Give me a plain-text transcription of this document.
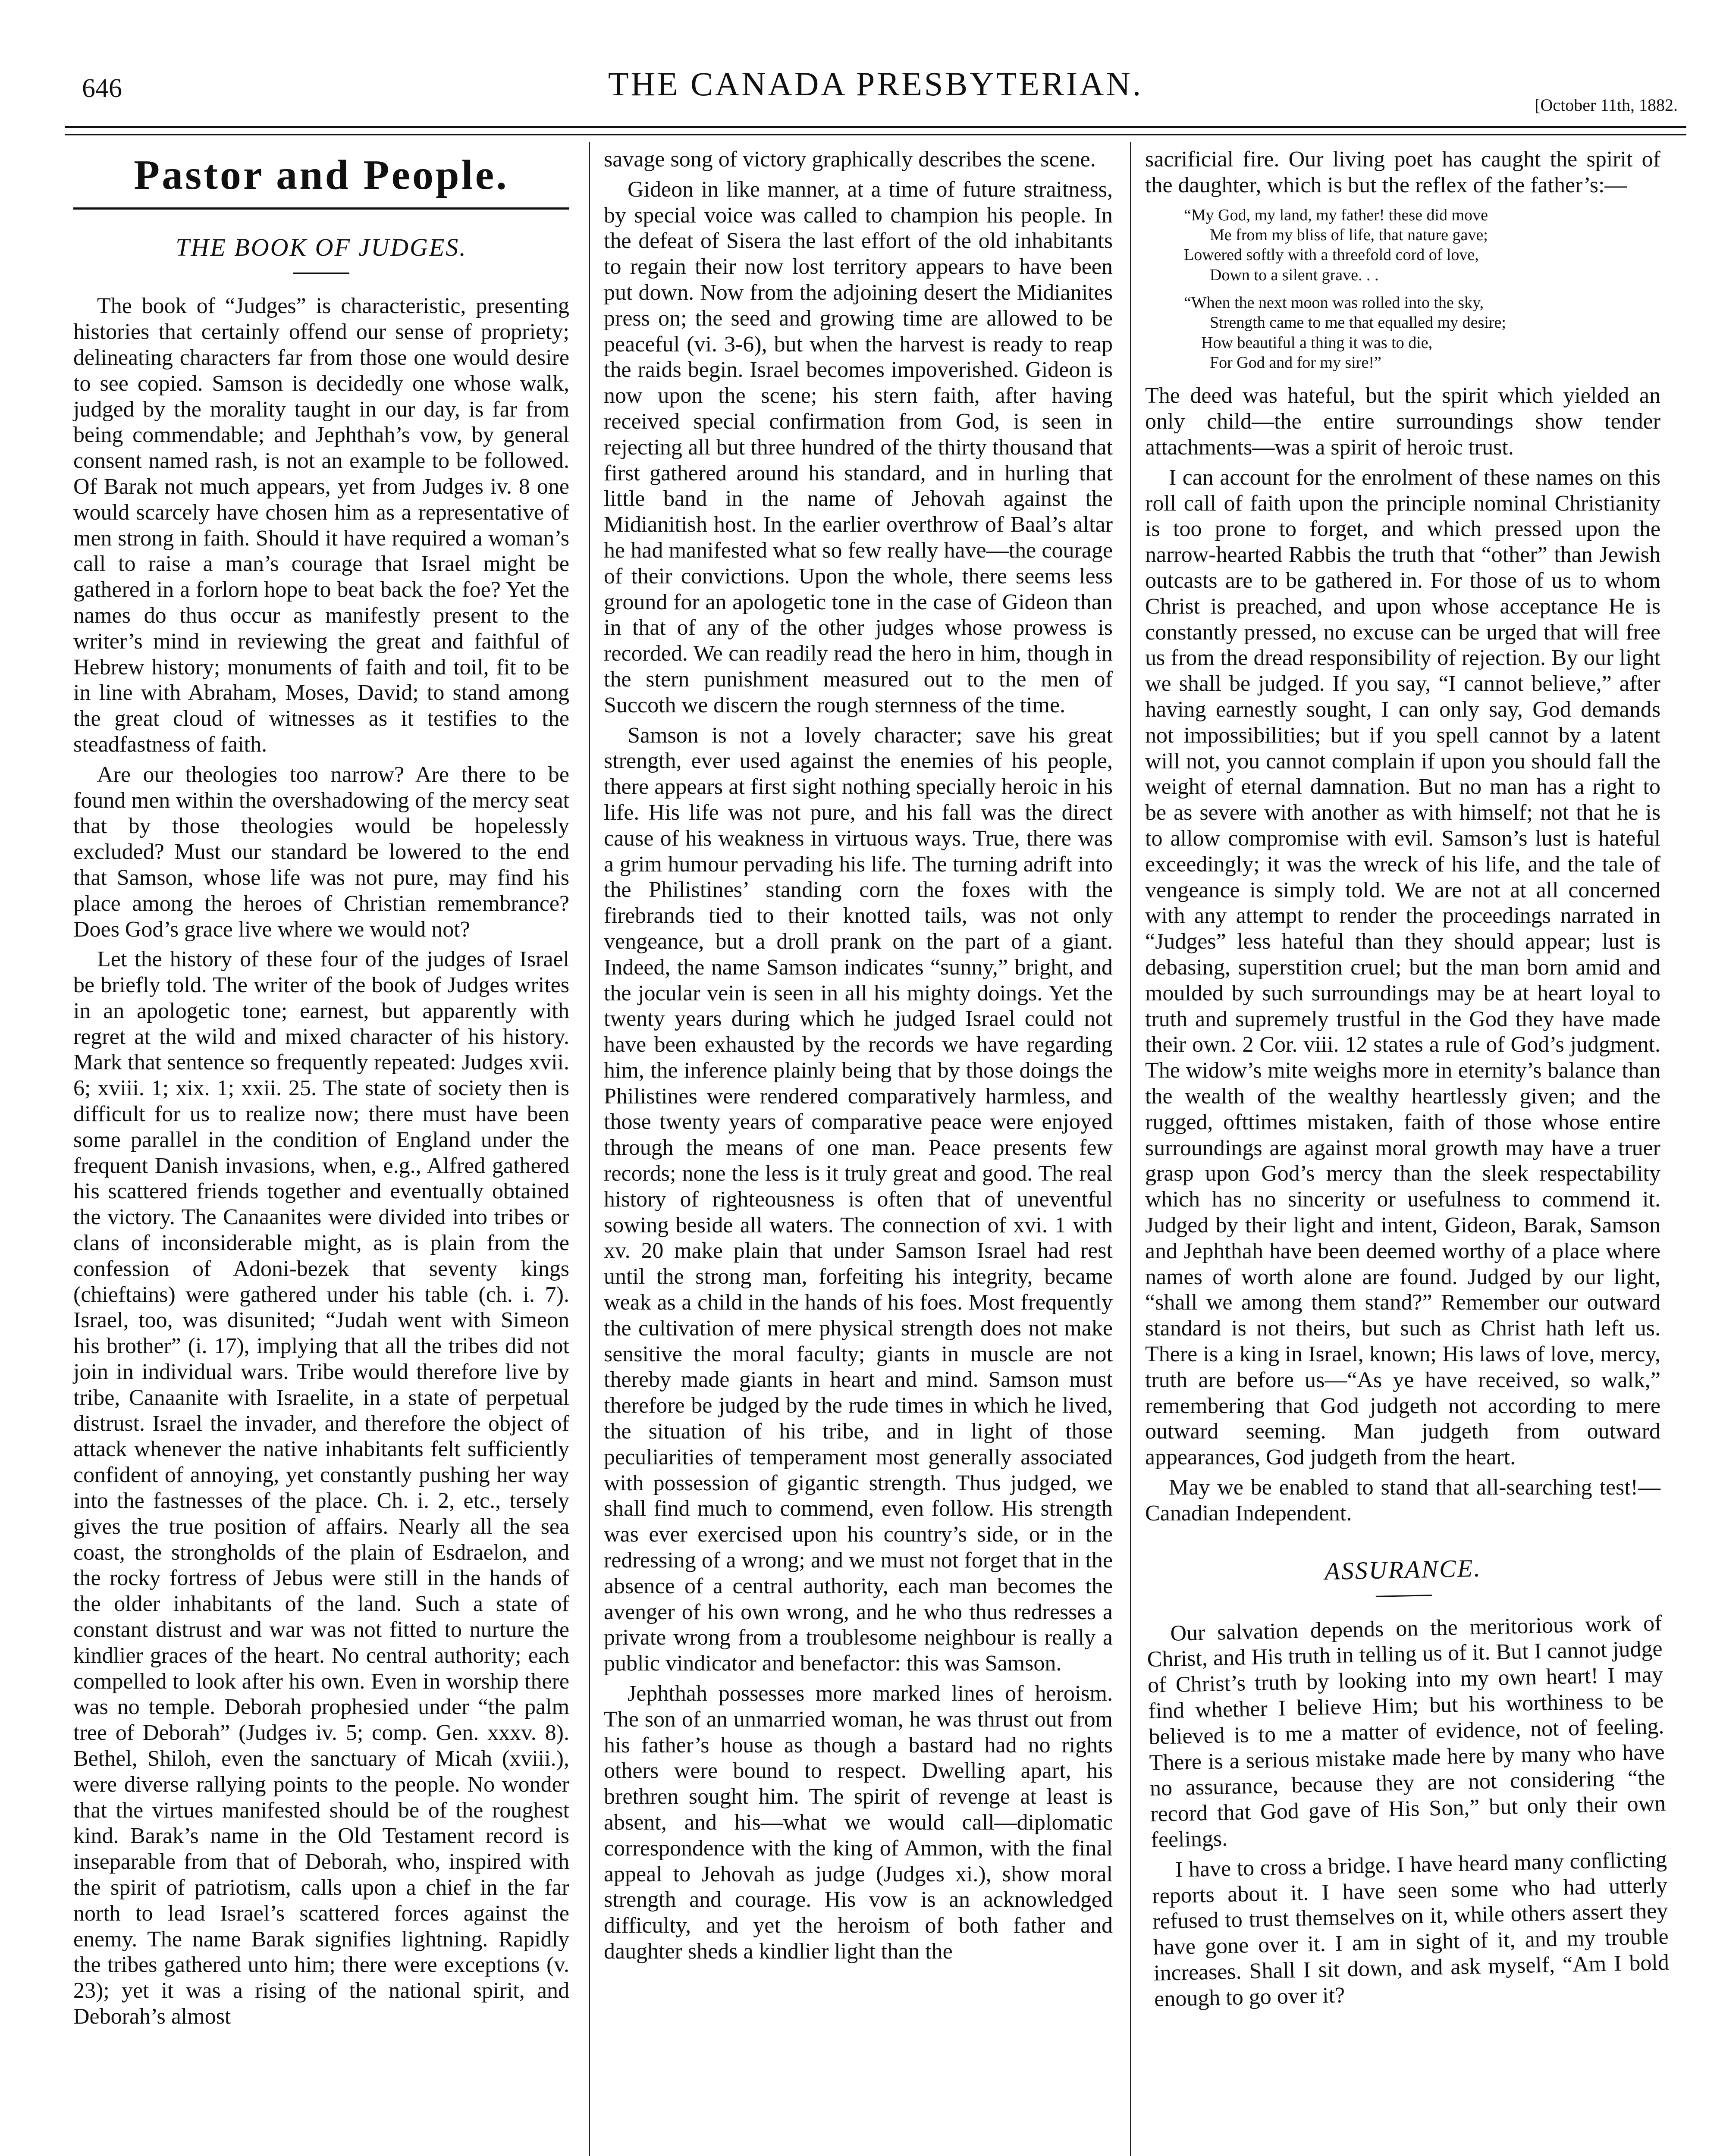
646	THE CANADA PRESBYTERIAN.
[October 11th, 1882.
Pastor and People.
THE BOOK OF JUDGES.

The book of “Judges” is characteristic, presenting histories that certainly offend our sense of propriety; delineating characters far from those one would desire to see copied. Samson is decidedly one whose walk, judged by the morality taught in our day, is far from being commendable; and Jephthah’s vow, by general consent named rash, is not an example to be followed. Of Barak not much appears, yet from Judges iv. 8 one would scarcely have chosen him as a representative of men strong in faith. Should it have required a woman’s call to raise a man’s courage that Israel might be gathered in a forlorn hope to beat back the foe? Yet the names do thus occur as manifestly present to the writer’s mind in reviewing the great and faithful of Hebrew history; monuments of faith and toil, fit to be in line with Abraham, Moses, David; to stand among the great cloud of witnesses as it testifies to the steadfastness of faith.

Are our theologies too narrow? Are there to be found men within the overshadowing of the mercy seat that by those theologies would be hopelessly excluded? Must our standard be lowered to the end that Samson, whose life was not pure, may find his place among the heroes of Christian remembrance? Does God’s grace live where we would not?

Let the history of these four of the judges of Israel be briefly told. The writer of the book of Judges writes in an apologetic tone; earnest, but apparently with regret at the wild and mixed character of his history. Mark that sentence so frequently repeated: Judges xvii. 6; xviii. 1; xix. 1; xxii. 25. The state of society then is difficult for us to realize now; there must have been some parallel in the condition of England under the frequent Danish invasions, when, e.g., Alfred gathered his scattered friends together and eventually obtained the victory. The Canaanites were divided into tribes or clans of inconsiderable might, as is plain from the confession of Adoni-bezek that seventy kings (chieftains) were gathered under his table (ch. i. 7). Israel, too, was disunited; “Judah went with Simeon his brother” (i. 17), implying that all the tribes did not join in individual wars. Tribe would therefore live by tribe, Canaanite with Israelite, in a state of perpetual distrust. Israel the invader, and therefore the object of attack whenever the native inhabitants felt sufficiently confident of annoying, yet constantly pushing her way into the fastnesses of the place. Ch. i. 2, etc., tersely gives the true position of affairs. Nearly all the sea coast, the strongholds of the plain of Esdraelon, and the rocky fortress of Jebus were still in the hands of the older inhabitants of the land. Such a state of constant distrust and war was not fitted to nurture the kindlier graces of the heart. No central authority; each compelled to look after his own. Even in worship there was no temple. Deborah prophesied under “the palm tree of Deborah” (Judges iv. 5; comp. Gen. xxxv. 8). Bethel, Shiloh, even the sanctuary of Micah (xviii.), were diverse rallying points to the people. No wonder that the virtues manifested should be of the roughest kind. Barak’s name in the Old Testament record is inseparable from that of Deborah, who, inspired with the spirit of patriotism, calls upon a chief in the far north to lead Israel’s scattered forces against the enemy. The name Barak signifies lightning. Rapidly the tribes gathered unto him; there were exceptions (v. 23); yet it was a rising of the national spirit, and Deborah’s almost

savage song of victory graphically describes the scene.

Gideon in like manner, at a time of future straitness, by special voice was called to champion his people. In the defeat of Sisera the last effort of the old inhabitants to regain their now lost territory appears to have been put down. Now from the adjoining desert the Midianites press on; the seed and growing time are allowed to be peaceful (vi. 3-6), but when the harvest is ready to reap the raids begin. Israel becomes impoverished. Gideon is now upon the scene; his stern faith, after having received special confirmation from God, is seen in rejecting all but three hundred of the thirty thousand that first gathered around his standard, and in hurling that little band in the name of Jehovah against the Midianitish host. In the earlier overthrow of Baal’s altar he had manifested what so few really have—the courage of their convictions. Upon the whole, there seems less ground for an apologetic tone in the case of Gideon than in that of any of the other judges whose prowess is recorded. We can readily read the hero in him, though in the stern punishment measured out to the men of Succoth we discern the rough sternness of the time.

Samson is not a lovely character; save his great strength, ever used against the enemies of his people, there appears at first sight nothing specially heroic in his life. His life was not pure, and his fall was the direct cause of his weakness in virtuous ways. True, there was a grim humour pervading his life. The turning adrift into the Philistines’ standing corn the foxes with the firebrands tied to their knotted tails, was not only vengeance, but a droll prank on the part of a giant. Indeed, the name Samson indicates “sunny,” bright, and the jocular vein is seen in all his mighty doings. Yet the twenty years during which he judged Israel could not have been exhausted by the records we have regarding him, the inference plainly being that by those doings the Philistines were rendered comparatively harmless, and those twenty years of comparative peace were enjoyed through the means of one man. Peace presents few records; none the less is it truly great and good. The real history of righteousness is often that of uneventful sowing beside all waters. The connection of xvi. 1 with xv. 20 make plain that under Samson Israel had rest until the strong man, forfeiting his integrity, became weak as a child in the hands of his foes. Most frequently the cultivation of mere physical strength does not make sensitive the moral faculty; giants in muscle are not thereby made giants in heart and mind. Samson must therefore be judged by the rude times in which he lived, the situation of his tribe, and in light of those peculiarities of temperament most generally associated with possession of gigantic strength. Thus judged, we shall find much to commend, even follow. His strength was ever exercised upon his country’s side, or in the redressing of a wrong; and we must not forget that in the absence of a central authority, each man becomes the avenger of his own wrong, and he who thus redresses a private wrong from a troublesome neighbour is really a public vindicator and benefactor: this was Samson.

Jephthah possesses more marked lines of heroism. The son of an unmarried woman, he was thrust out from his father’s house as though a bastard had no rights others were bound to respect. Dwelling apart, his brethren sought him. The spirit of revenge at least is absent, and his—what we would call—diplomatic correspondence with the king of Ammon, with the final appeal to Jehovah as judge (Judges xi.), show moral strength and courage. His vow is an acknowledged difficulty, and yet the heroism of both father and daughter sheds a kindlier light than the

sacrificial fire. Our living poet has caught the spirit of the daughter, which is but the reflex of the father’s:—

“My God, my land, my father! these did move
Me from my bliss of life, that nature gave;
Lowered softly with a threefold cord of love,
Down to a silent grave. . .
“When the next moon was rolled into the sky,
Strength came to me that equalled my desire;
How beautiful a thing it was to die,
For God and for my sire!”

The deed was hateful, but the spirit which yielded an only child—the entire surroundings show tender attachments—was a spirit of heroic trust.

I can account for the enrolment of these names on this roll call of faith upon the principle nominal Christianity is too prone to forget, and which pressed upon the narrow-hearted Rabbis the truth that “other” than Jewish outcasts are to be gathered in. For those of us to whom Christ is preached, and upon whose acceptance He is constantly pressed, no excuse can be urged that will free us from the dread responsibility of rejection. By our light we shall be judged. If you say, “I cannot believe,” after having earnestly sought, I can only say, God demands not impossibilities; but if you spell cannot by a latent will not, you cannot complain if upon you should fall the weight of eternal damnation. But no man has a right to be as severe with another as with himself; not that he is to allow compromise with evil. Samson’s lust is hateful exceedingly; it was the wreck of his life, and the tale of vengeance is simply told. We are not at all concerned with any attempt to render the proceedings narrated in “Judges” less hateful than they should appear; lust is debasing, superstition cruel; but the man born amid and moulded by such surroundings may be at heart loyal to truth and supremely trustful in the God they have made their own. 2 Cor. viii. 12 states a rule of God’s judgment. The widow’s mite weighs more in eternity’s balance than the wealth of the wealthy heartlessly given; and the rugged, ofttimes mistaken, faith of those whose entire surroundings are against moral growth may have a truer grasp upon God’s mercy than the sleek respectability which has no sincerity or usefulness to commend it. Judged by their light and intent, Gideon, Barak, Samson and Jephthah have been deemed worthy of a place where names of worth alone are found. Judged by our light, “shall we among them stand?” Remember our outward standard is not theirs, but such as Christ hath left us. There is a king in Israel, known; His laws of love, mercy, truth are before us—“As ye have received, so walk,” remembering that God judgeth not according to mere outward seeming. Man judgeth from outward appearances, God judgeth from the heart.

May we be enabled to stand that all-searching test!—Canadian Independent.

ASSURANCE.

Our salvation depends on the meritorious work of Christ, and His truth in telling us of it. But I cannot judge of Christ’s truth by looking into my own heart! I may find whether I believe Him; but his worthiness to be believed is to me a matter of evidence, not of feeling. There is a serious mistake made here by many who have no assurance, because they are not considering “the record that God gave of His Son,” but only their own feelings.

I have to cross a bridge. I have heard many conflicting reports about it. I have seen some who had utterly refused to trust themselves on it, while others assert they have gone over it. I am in sight of it, and my trouble increases. Shall I sit down, and ask myself, “Am I bold enough to go over it?
